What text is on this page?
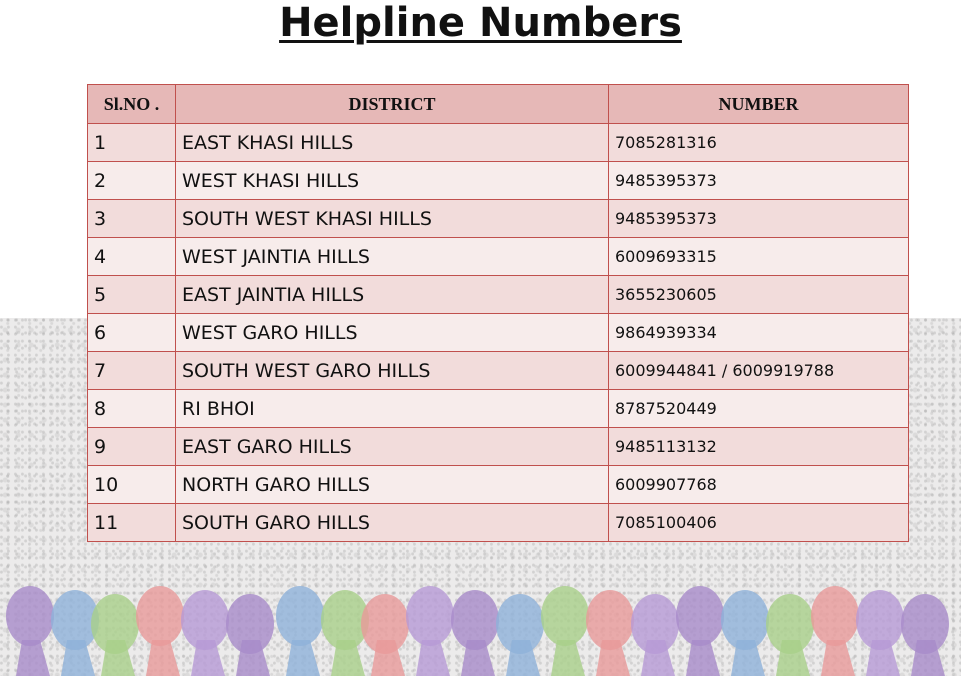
Helpline Numbers
Sl.NO .	DISTRICT	NUMBER
1	EAST KHASI HILLS	7085281316
2	WEST KHASI HILLS	9485395373
3	SOUTH WEST KHASI HILLS	9485395373
4	WEST JAINTIA HILLS	6009693315
5	EAST JAINTIA HILLS	3655230605
6	WEST GARO HILLS	9864939334
7	SOUTH WEST GARO HILLS	6009944841 / 6009919788
8	RI BHOI	8787520449
9	EAST GARO HILLS	9485113132
10	NORTH GARO HILLS	6009907768
11	SOUTH GARO HILLS	7085100406
